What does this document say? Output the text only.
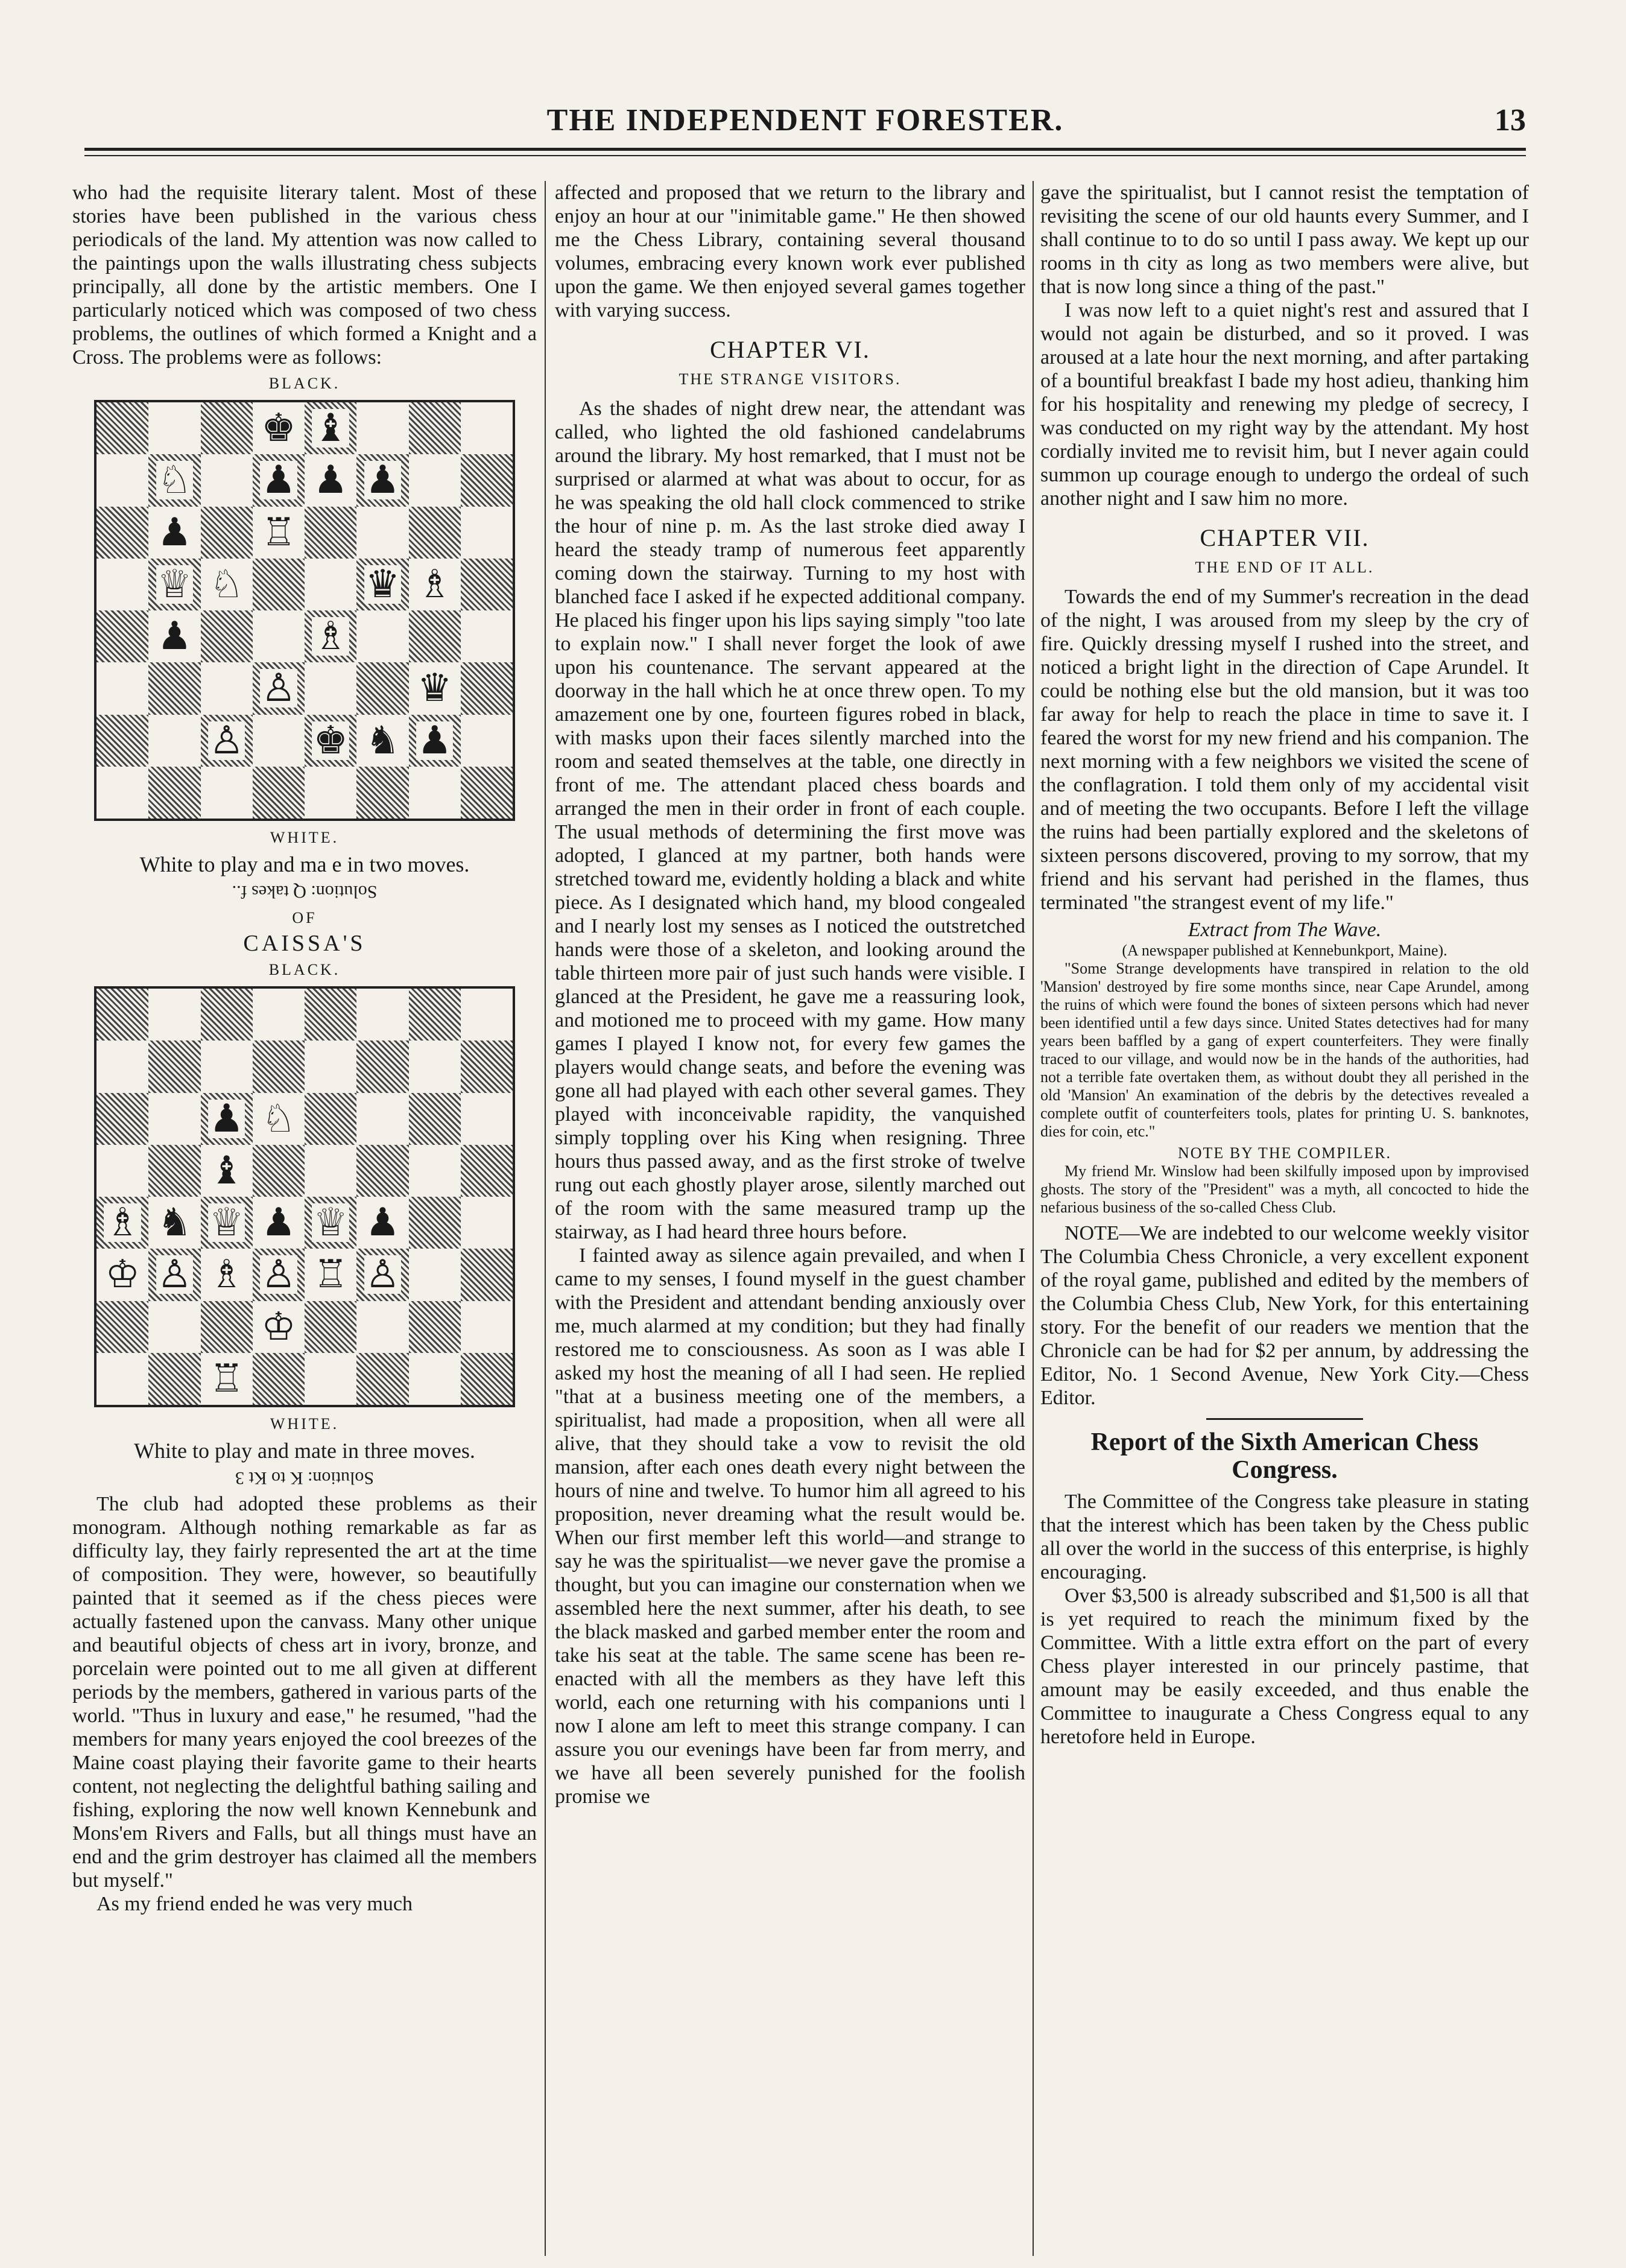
THE INDEPENDENT FORESTER.	13

who had the requisite literary talent. Most of these stories have been published in the various chess periodicals of the land. My attention was now called to the paintings upon the walls illustrating chess subjects principally, all done by the artistic members. One I particularly noticed which was composed of two chess problems, the outlines of which formed a Knight and a Cross. The problems were as follows:

BLACK.
♚ ♝
♘ ♟ ♟ ♟
♟ ♖
♕ ♘	♛ ♗
♟	♗
♙	♛
♙ ♚ ♞ ♟
WHITE.
White to play and ma e in two moves.
Solution: Q takes f..
OF
CAISSA'S
BLACK.
♟ ♘
♝
♗ ♞ ♕ ♟ ♕ ♟
♔ ♙ ♗ ♙ ♖ ♙
♔
♖
WHITE.
White to play and mate in three moves.
Solution: K to Kt 3

The club had adopted these problems as their monogram. Although nothing remarkable as far as difficulty lay, they fairly represented the art at the time of composition. They were, however, so beautifully painted that it seemed as if the chess pieces were actually fastened upon the canvass. Many other unique and beautiful objects of chess art in ivory, bronze, and porcelain were pointed out to me all given at different periods by the members, gathered in various parts of the world. "Thus in luxury and ease," he resumed, "had the members for many years enjoyed the cool breezes of the Maine coast playing their favorite game to their hearts content, not neglecting the delightful bathing sailing and fishing, exploring the now well known Kennebunk and Mons'em Rivers and Falls, but all things must have an end and the grim destroyer has claimed all the members but myself."

As my friend ended he was very much

affected and proposed that we return to the library and enjoy an hour at our "inimitable game." He then showed me the Chess Library, containing several thousand volumes, embracing every known work ever published upon the game. We then enjoyed several games together with varying success.

CHAPTER VI.
THE STRANGE VISITORS.

As the shades of night drew near, the attendant was called, who lighted the old fashioned candelabrums around the library. My host remarked, that I must not be surprised or alarmed at what was about to occur, for as he was speaking the old hall clock commenced to strike the hour of nine p. m. As the last stroke died away I heard the steady tramp of numerous feet apparently coming down the stairway. Turning to my host with blanched face I asked if he expected additional company. He placed his finger upon his lips saying simply "too late to explain now." I shall never forget the look of awe upon his countenance. The servant appeared at the doorway in the hall which he at once threw open. To my amazement one by one, fourteen figures robed in black, with masks upon their faces silently marched into the room and seated themselves at the table, one directly in front of me. The attendant placed chess boards and arranged the men in their order in front of each couple. The usual methods of determining the first move was adopted, I glanced at my partner, both hands were stretched toward me, evidently holding a black and white piece. As I designated which hand, my blood congealed and I nearly lost my senses as I noticed the outstretched hands were those of a skeleton, and looking around the table thirteen more pair of just such hands were visible. I glanced at the President, he gave me a reassuring look, and motioned me to proceed with my game. How many games I played I know not, for every few games the players would change seats, and before the evening was gone all had played with each other several games. They played with inconceivable rapidity, the vanquished simply toppling over his King when resigning. Three hours thus passed away, and as the first stroke of twelve rung out each ghostly player arose, silently marched out of the room with the same measured tramp up the stairway, as I had heard three hours before.

I fainted away as silence again prevailed, and when I came to my senses, I found myself in the guest chamber with the President and attendant bending anxiously over me, much alarmed at my condition; but they had finally restored me to consciousness. As soon as I was able I asked my host the meaning of all I had seen. He replied "that at a business meeting one of the members, a spiritualist, had made a proposition, when all were all alive, that they should take a vow to revisit the old mansion, after each ones death every night between the hours of nine and twelve. To humor him all agreed to his proposition, never dreaming what the result would be. When our first member left this world—and strange to say he was the spiritualist—we never gave the promise a thought, but you can imagine our consternation when we assembled here the next summer, after his death, to see the black masked and garbed member enter the room and take his seat at the table. The same scene has been re-enacted with all the members as they have left this world, each one returning with his companions unti l now I alone am left to meet this strange company. I can assure you our evenings have been far from merry, and we have all been severely punished for the foolish promise we

gave the spiritualist, but I cannot resist the temptation of revisiting the scene of our old haunts every Summer, and I shall continue to to do so until I pass away. We kept up our rooms in th city as long as two members were alive, but that is now long since a thing of the past."

I was now left to a quiet night's rest and assured that I would not again be disturbed, and so it proved. I was aroused at a late hour the next morning, and after partaking of a bountiful breakfast I bade my host adieu, thanking him for his hospitality and renewing my pledge of secrecy, I was conducted on my right way by the attendant. My host cordially invited me to revisit him, but I never again could summon up courage enough to undergo the ordeal of such another night and I saw him no more.

CHAPTER VII.
THE END OF IT ALL.

Towards the end of my Summer's recreation in the dead of the night, I was aroused from my sleep by the cry of fire. Quickly dressing myself I rushed into the street, and noticed a bright light in the direction of Cape Arundel. It could be nothing else but the old mansion, but it was too far away for help to reach the place in time to save it. I feared the worst for my new friend and his companion. The next morning with a few neighbors we visited the scene of the conflagration. I told them only of my accidental visit and of meeting the two occupants. Before I left the village the ruins had been partially explored and the skeletons of sixteen persons discovered, proving to my sorrow, that my friend and his servant had perished in the flames, thus terminated "the strangest event of my life."

Extract from The Wave.
(A newspaper published at Kennebunkport, Maine).

"Some Strange developments have transpired in relation to the old 'Mansion' destroyed by fire some months since, near Cape Arundel, among the ruins of which were found the bones of sixteen persons which had never been identified until a few days since. United States detectives had for many years been baffled by a gang of expert counterfeiters. They were finally traced to our village, and would now be in the hands of the authorities, had not a terrible fate overtaken them, as without doubt they all perished in the old 'Mansion' An examination of the debris by the detectives revealed a complete outfit of counterfeiters tools, plates for printing U. S. banknotes, dies for coin, etc."

NOTE BY THE COMPILER.

My friend Mr. Winslow had been skilfully imposed upon by improvised ghosts. The story of the "President" was a myth, all concocted to hide the nefarious business of the so-called Chess Club.

NOTE—We are indebted to our welcome weekly visitor The Columbia Chess Chronicle, a very excellent exponent of the royal game, published and edited by the members of the Columbia Chess Club, New York, for this entertaining story. For the benefit of our readers we mention that the Chronicle can be had for $2 per annum, by addressing the Editor, No. 1 Second Avenue, New York City.—Chess Editor.

Report of the Sixth American Chess Congress.

The Committee of the Congress take pleasure in stating that the interest which has been taken by the Chess public all over the world in the success of this enterprise, is highly encouraging.

Over $3,500 is already subscribed and $1,500 is all that is yet required to reach the minimum fixed by the Committee. With a little extra effort on the part of every Chess player interested in our princely pastime, that amount may be easily exceeded, and thus enable the Committee to inaugurate a Chess Congress equal to any heretofore held in Europe.
